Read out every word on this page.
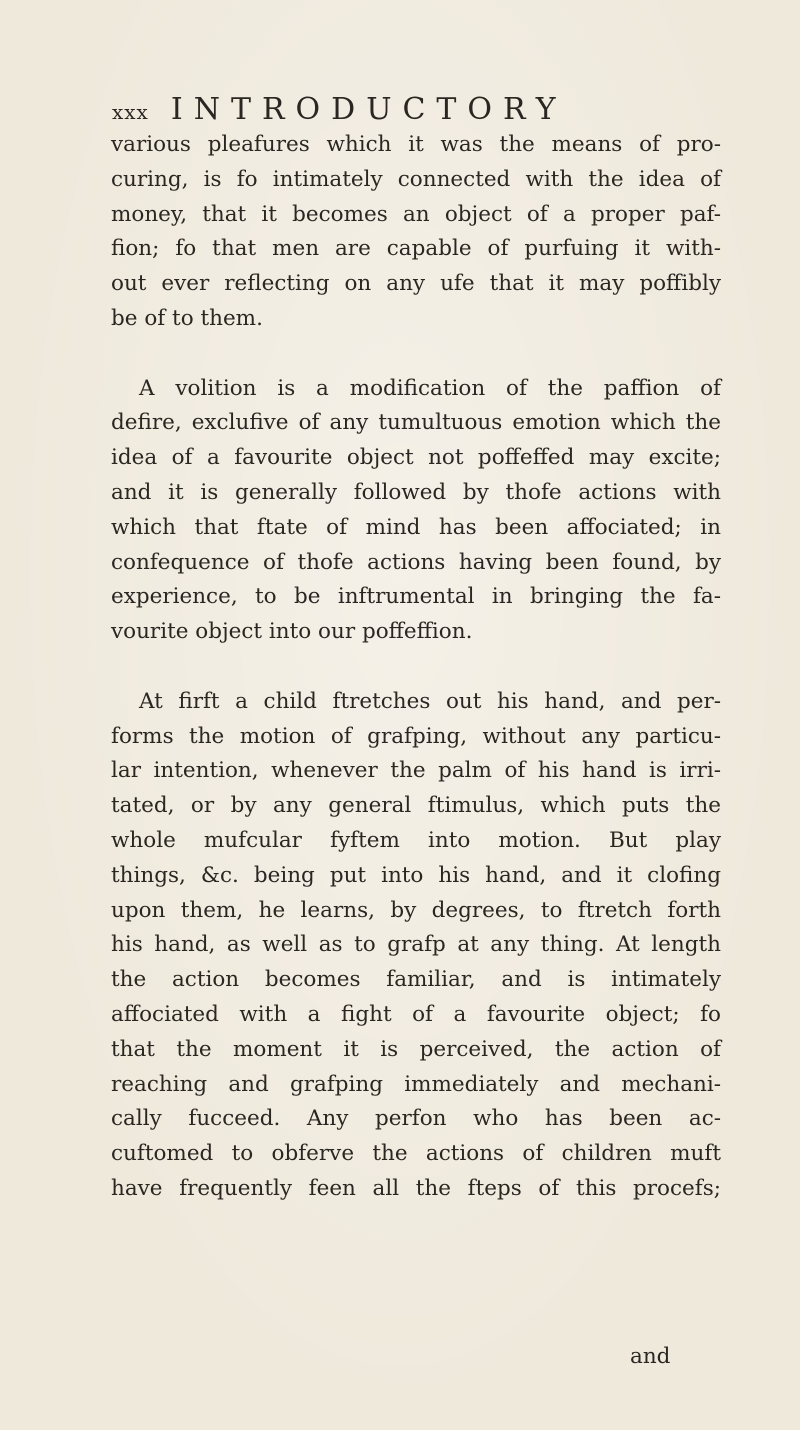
xxx INTRODUCTORY

various pleafures which it was the means of pro-
curing, is fo intimately connected with the idea of
money, that it becomes an object of a proper paf-
fion; fo that men are capable of purfuing it with-
out ever reflecting on any ufe that it may poffibly
be of to them.

A volition is a modification of the paffion of
defire, exclufive of any tumultuous emotion which the
idea of a favourite object not poffeffed may excite;
and it is generally followed by thofe actions with
which that ftate of mind has been affociated; in
confequence of thofe actions having been found, by
experience, to be inftrumental in bringing the fa-
vourite object into our poffeffion.

At firft a child ftretches out his hand, and per-
forms the motion of grafping, without any particu-
lar intention, whenever the palm of his hand is irri-
tated, or by any general ftimulus, which puts the
whole mufcular fyftem into motion. But play
things, &c. being put into his hand, and it clofing
upon them, he learns, by degrees, to ftretch forth
his hand, as well as to grafp at any thing. At length
the action becomes familiar, and is intimately
affociated with a fight of a favourite object; fo
that the moment it is perceived, the action of
reaching and grafping immediately and mechani-
cally fucceed. Any perfon who has been ac-
cuftomed to obferve the actions of children muft
have frequently feen all the fteps of this procefs;

and
